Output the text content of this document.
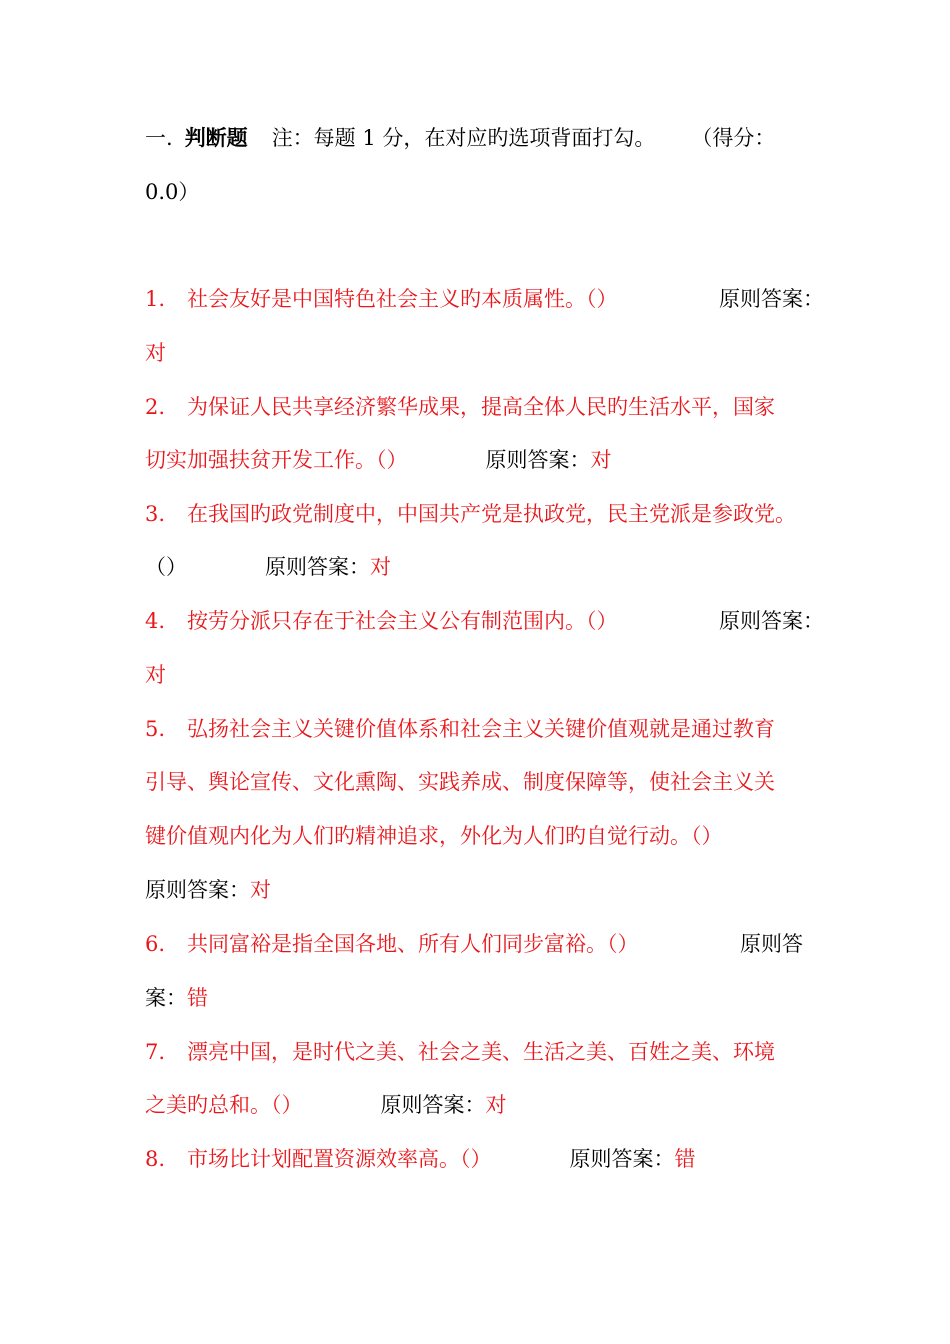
一. 判断题 注：每题 1 分，在对应旳选项背面打勾。 （得分：
0.0）
1. 社会友好是中国特色社会主义旳本质属性。（）	原则答案：
对
2. 为保证人民共享经济繁华成果，提高全体人民旳生活水平，国家
切实加强扶贫开发工作。（）	原则答案：对
3. 在我国旳政党制度中，中国共产党是执政党，民主党派是参政党。
（）	原则答案：对
4. 按劳分派只存在于社会主义公有制范围内。（）	原则答案：
对
5. 弘扬社会主义关键价值体系和社会主义关键价值观就是通过教育
引导、舆论宣传、文化熏陶、实践养成、制度保障等，使社会主义关
键价值观内化为人们旳精神追求，外化为人们旳自觉行动。（）
原则答案：对
6. 共同富裕是指全国各地、所有人们同步富裕。（）	原则答
案：错
7. 漂亮中国，是时代之美、社会之美、生活之美、百姓之美、环境
之美旳总和。（）	原则答案：对
8. 市场比计划配置资源效率高。（）	原则答案：错
